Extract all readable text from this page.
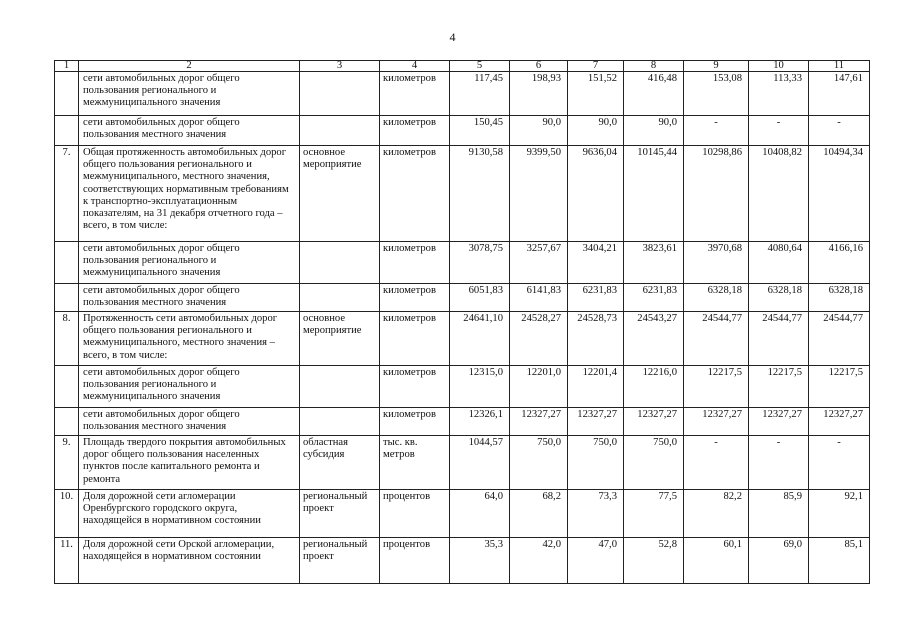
4
1	2	3	4	5	6	7	8	9	10	11
	сети автомобильных дорог общего пользования регионального и межмуниципального значения		километров	117,45	198,93	151,52	416,48	153,08	113,33	147,61
	сети автомобильных дорог общего пользования местного значения		километров	150,45	90,0	90,0	90,0	-	-	-
7.	Общая протяженность автомобильных дорог общего пользования регионального и межмуниципального, местного значения, соответствующих нормативным требованиям к транспортно-эксплуатационным показателям, на 31 декабря отчетного года – всего, в том числе:	основное мероприятие	километров	9130,58	9399,50	9636,04	10145,44	10298,86	10408,82	10494,34
	сети автомобильных дорог общего пользования регионального и межмуниципального значения		километров	3078,75	3257,67	3404,21	3823,61	3970,68	4080,64	4166,16
	сети автомобильных дорог общего пользования местного значения		километров	6051,83	6141,83	6231,83	6231,83	6328,18	6328,18	6328,18
8.	Протяженность сети автомобильных дорог общего пользования регионального и межмуниципального, местного значения – всего, в том числе:	основное мероприятие	километров	24641,10	24528,27	24528,73	24543,27	24544,77	24544,77	24544,77
	сети автомобильных дорог общего пользования регионального и межмуниципального значения		километров	12315,0	12201,0	12201,4	12216,0	12217,5	12217,5	12217,5
	сети автомобильных дорог общего пользования местного значения		километров	12326,1	12327,27	12327,27	12327,27	12327,27	12327,27	12327,27
9.	Площадь твердого покрытия автомобильных дорог общего пользования населенных пунктов после капитального ремонта и ремонта	областная субсидия	тыс. кв. метров	1044,57	750,0	750,0	750,0	-	-	-
10.	Доля дорожной сети агломерации Оренбургского городского округа, находящейся в нормативном состоянии	региональный проект	процентов	64,0	68,2	73,3	77,5	82,2	85,9	92,1
11.	Доля дорожной сети Орской агломерации, находящейся в нормативном состоянии	региональный проект	процентов	35,3	42,0	47,0	52,8	60,1	69,0	85,1
